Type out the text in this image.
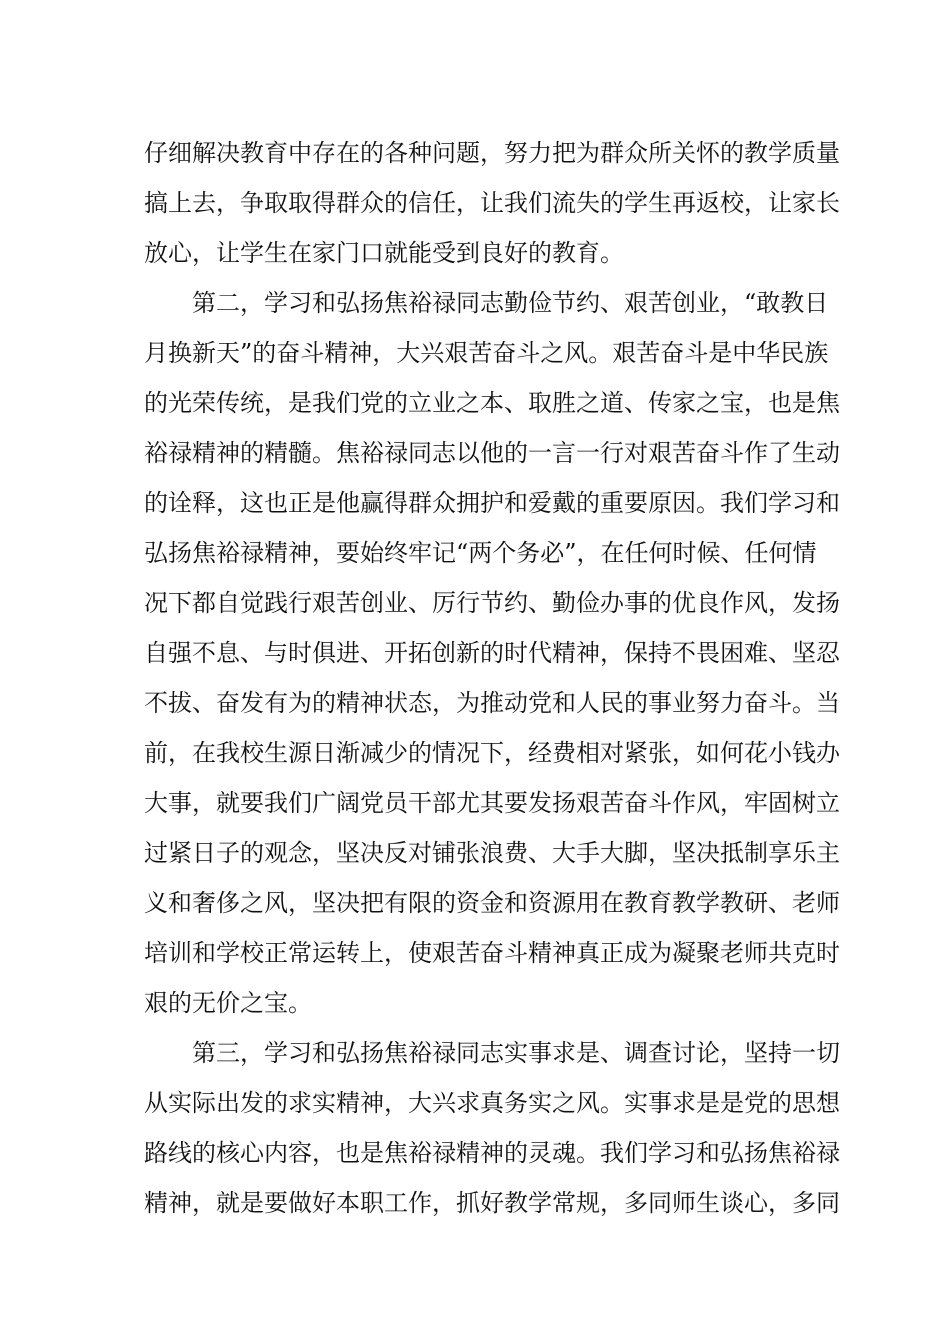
仔细解决教育中存在的各种问题，努力把为群众所关怀的教学质量
搞上去，争取取得群众的信任，让我们流失的学生再返校，让家长
放心，让学生在家门口就能受到良好的教育。
第二，学习和弘扬焦裕禄同志勤俭节约、艰苦创业，“敢教日
月换新天”的奋斗精神，大兴艰苦奋斗之风。艰苦奋斗是中华民族
的光荣传统，是我们党的立业之本、取胜之道、传家之宝，也是焦
裕禄精神的精髓。焦裕禄同志以他的一言一行对艰苦奋斗作了生动
的诠释，这也正是他赢得群众拥护和爱戴的重要原因。我们学习和
弘扬焦裕禄精神，要始终牢记“两个务必”，在任何时候、任何情
况下都自觉践行艰苦创业、厉行节约、勤俭办事的优良作风，发扬
自强不息、与时俱进、开拓创新的时代精神，保持不畏困难、坚忍
不拔、奋发有为的精神状态，为推动党和人民的事业努力奋斗。当
前，在我校生源日渐减少的情况下，经费相对紧张，如何花小钱办
大事，就要我们广阔党员干部尤其要发扬艰苦奋斗作风，牢固树立
过紧日子的观念，坚决反对铺张浪费、大手大脚，坚决抵制享乐主
义和奢侈之风，坚决把有限的资金和资源用在教育教学教研、老师
培训和学校正常运转上，使艰苦奋斗精神真正成为凝聚老师共克时
艰的无价之宝。
第三，学习和弘扬焦裕禄同志实事求是、调查讨论，坚持一切
从实际出发的求实精神，大兴求真务实之风。实事求是是党的思想
路线的核心内容，也是焦裕禄精神的灵魂。我们学习和弘扬焦裕禄
精神，就是要做好本职工作，抓好教学常规，多同师生谈心，多同
